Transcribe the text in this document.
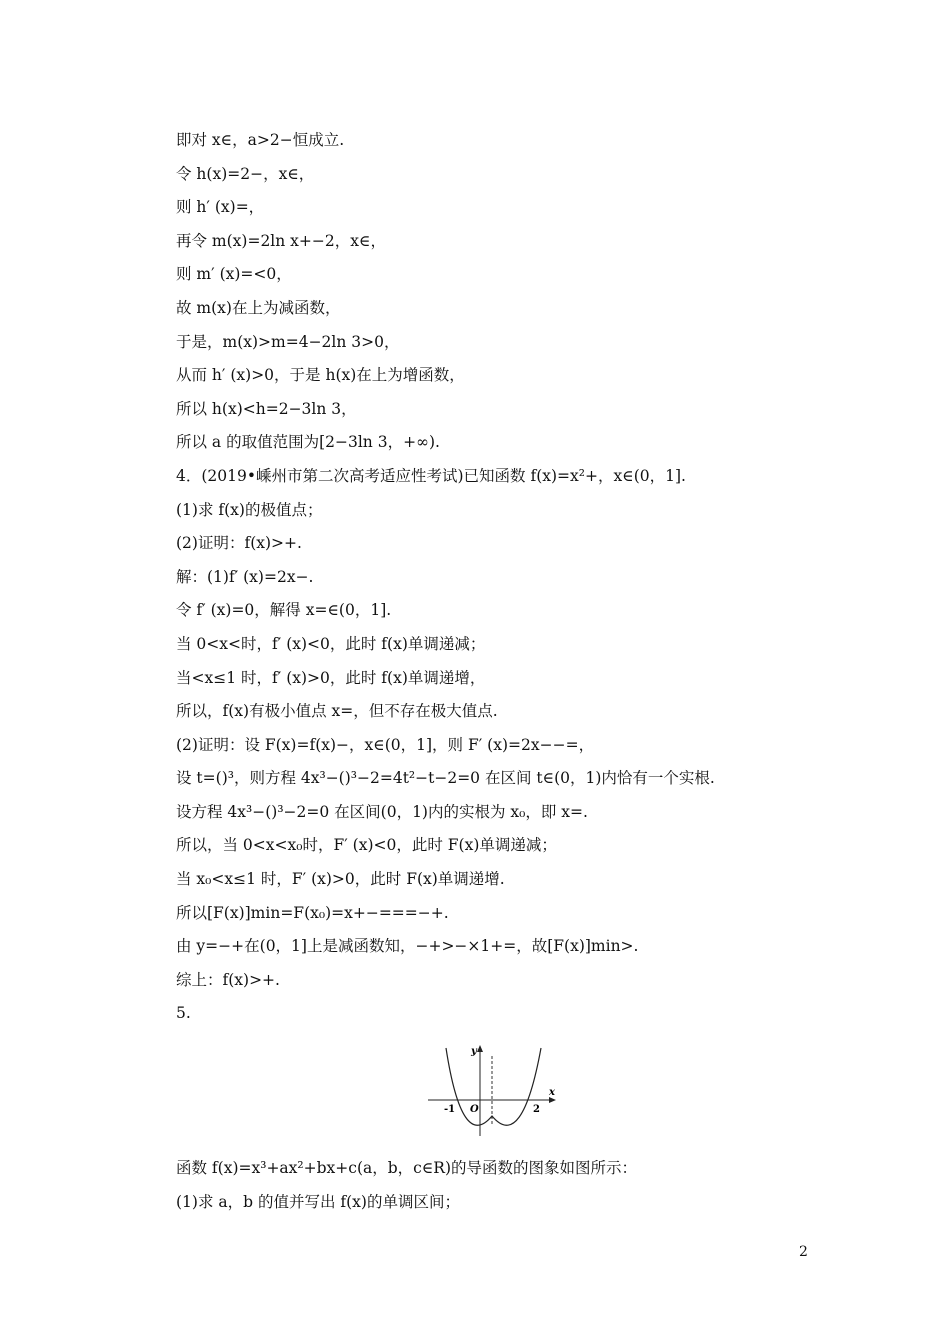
即对 x∈，a>2−恒成立.
令 h(x)=2−，x∈，
则 h′ (x)=，
再令 m(x)=2ln x+−2，x∈，
则 m′ (x)=<0，
故 m(x)在上为减函数，
于是，m(x)>m=4−2ln 3>0，
从而 h′ (x)>0，于是 h(x)在上为增函数，
所以 h(x)<h=2−3ln 3，
所以 a 的取值范围为[2−3ln 3，+∞).
4．(2019•嵊州市第二次高考适应性考试)已知函数 f(x)=x²+，x∈(0，1].
(1)求 f(x)的极值点；
(2)证明：f(x)>+.
解：(1)f′ (x)=2x−.
令 f′ (x)=0，解得 x=∈(0，1].
当 0<x<时，f′ (x)<0，此时 f(x)单调递减；
当<x≤1 时，f′ (x)>0，此时 f(x)单调递增，
所以，f(x)有极小值点 x=，但不存在极大值点.
(2)证明：设 F(x)=f(x)−，x∈(0，1]，则 F′ (x)=2x−−=，
设 t=()³，则方程 4x³−()³−2=4t²−t−2=0 在区间 t∈(0，1)内恰有一个实根.
设方程 4x³−()³−2=0 在区间(0，1)内的实根为 x₀，即 x=.
所以，当 0<x<x₀时，F′ (x)<0，此时 F(x)单调递减；
当 x₀<x≤1 时，F′ (x)>0，此时 F(x)单调递增.
所以[F(x)]min=F(x₀)=x+−===−+.
由 y=−+在(0，1]上是减函数知，−+>−×1+=，故[F(x)]min>.
综上：f(x)>+.
5.
y
x
O
-1	2
函数 f(x)=x³+ax²+bx+c(a，b，c∈R)的导函数的图象如图所示：
(1)求 a，b 的值并写出 f(x)的单调区间；
2
